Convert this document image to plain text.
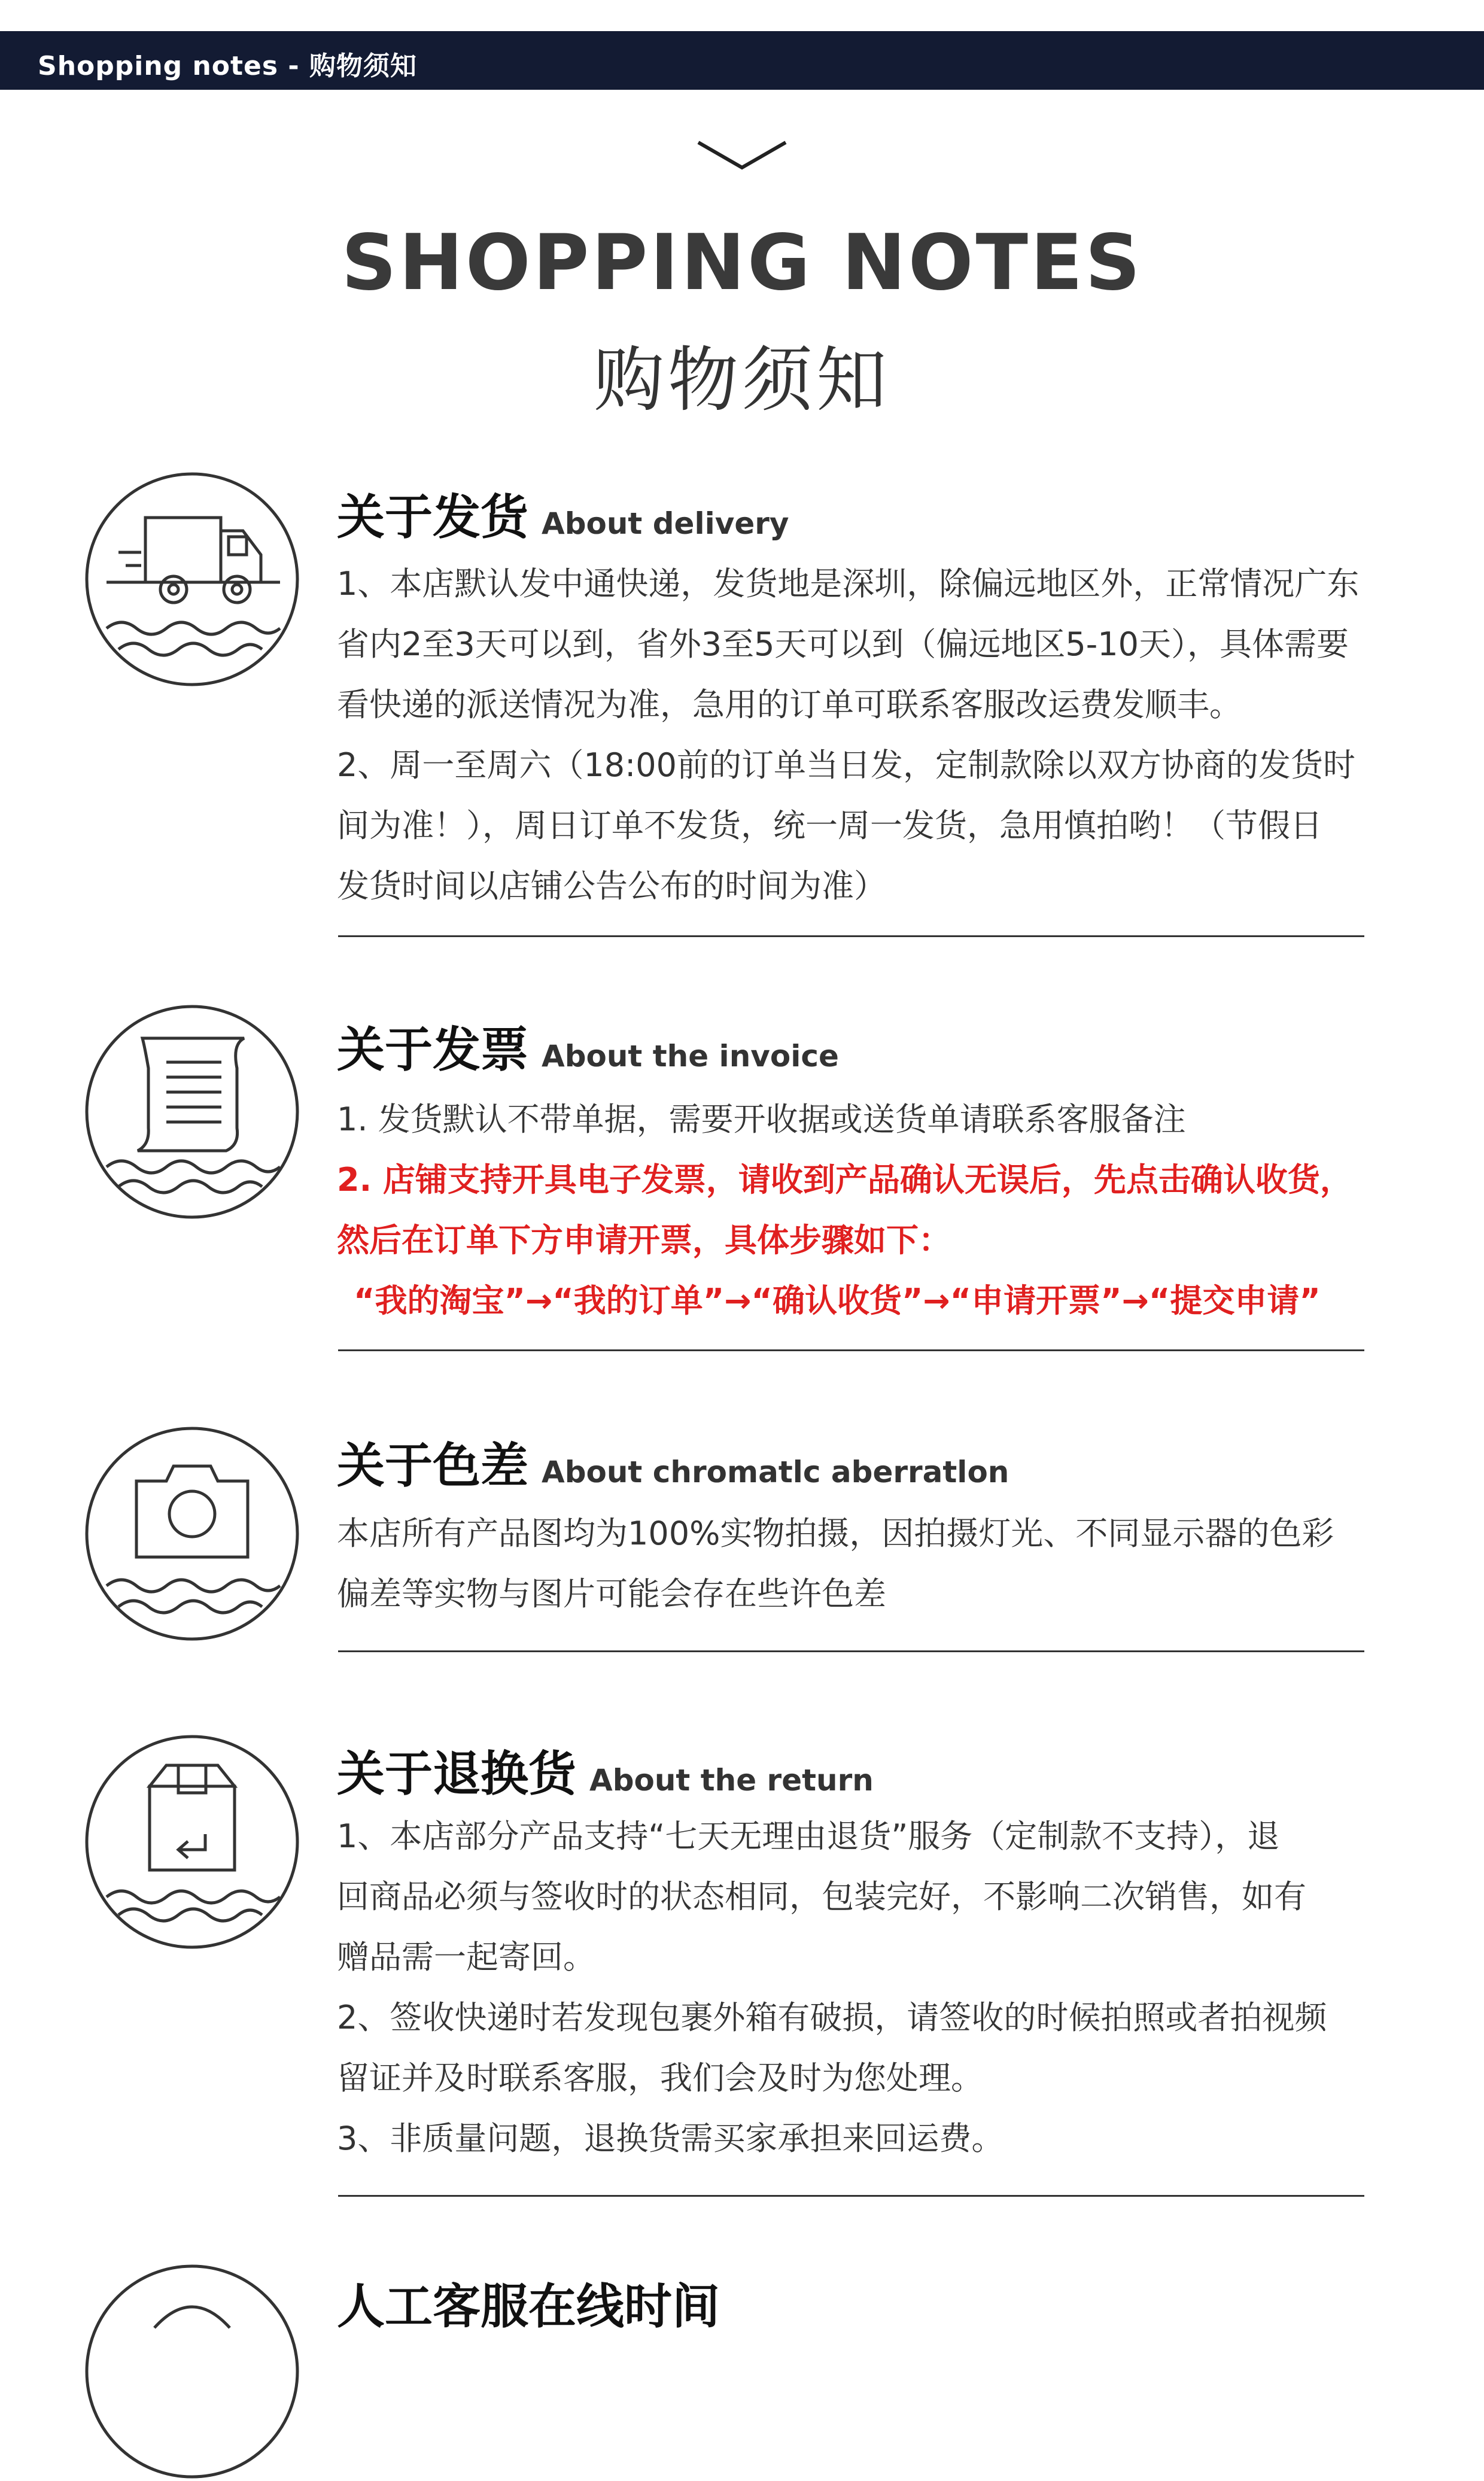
Shopping notes - 购物须知
SHOPPING NOTES
购物须知
关于发货 About delivery
1、本店默认发中通快递，发货地是深圳，除偏远地区外，正常情况广东
省内2至3天可以到，省外3至5天可以到（偏远地区5-10天），具体需要
看快递的派送情况为准，急用的订单可联系客服改运费发顺丰。
2、周一至周六（18:00前的订单当日发，定制款除以双方协商的发货时
间为准！），周日订单不发货，统一周一发货，急用慎拍哟！（节假日
发货时间以店铺公告公布的时间为准）
关于发票 About the invoice
1. 发货默认不带单据，需要开收据或送货单请联系客服备注
2. 店铺支持开具电子发票，请收到产品确认无误后，先点击确认收货，
然后在订单下方申请开票，具体步骤如下：
“我的淘宝”→“我的订单”→“确认收货”→“申请开票”→“提交申请”
关于色差 About chromatlc aberratlon
本店所有产品图均为100%实物拍摄，因拍摄灯光、不同显示器的色彩
偏差等实物与图片可能会存在些许色差
关于退换货 About the return
1、本店部分产品支持“七天无理由退货”服务（定制款不支持），退
回商品必须与签收时的状态相同，包装完好，不影响二次销售，如有
赠品需一起寄回。
2、签收快递时若发现包裹外箱有破损，请签收的时候拍照或者拍视频
留证并及时联系客服，我们会及时为您处理。
3、非质量问题，退换货需买家承担来回运费。
人工客服在线时间
